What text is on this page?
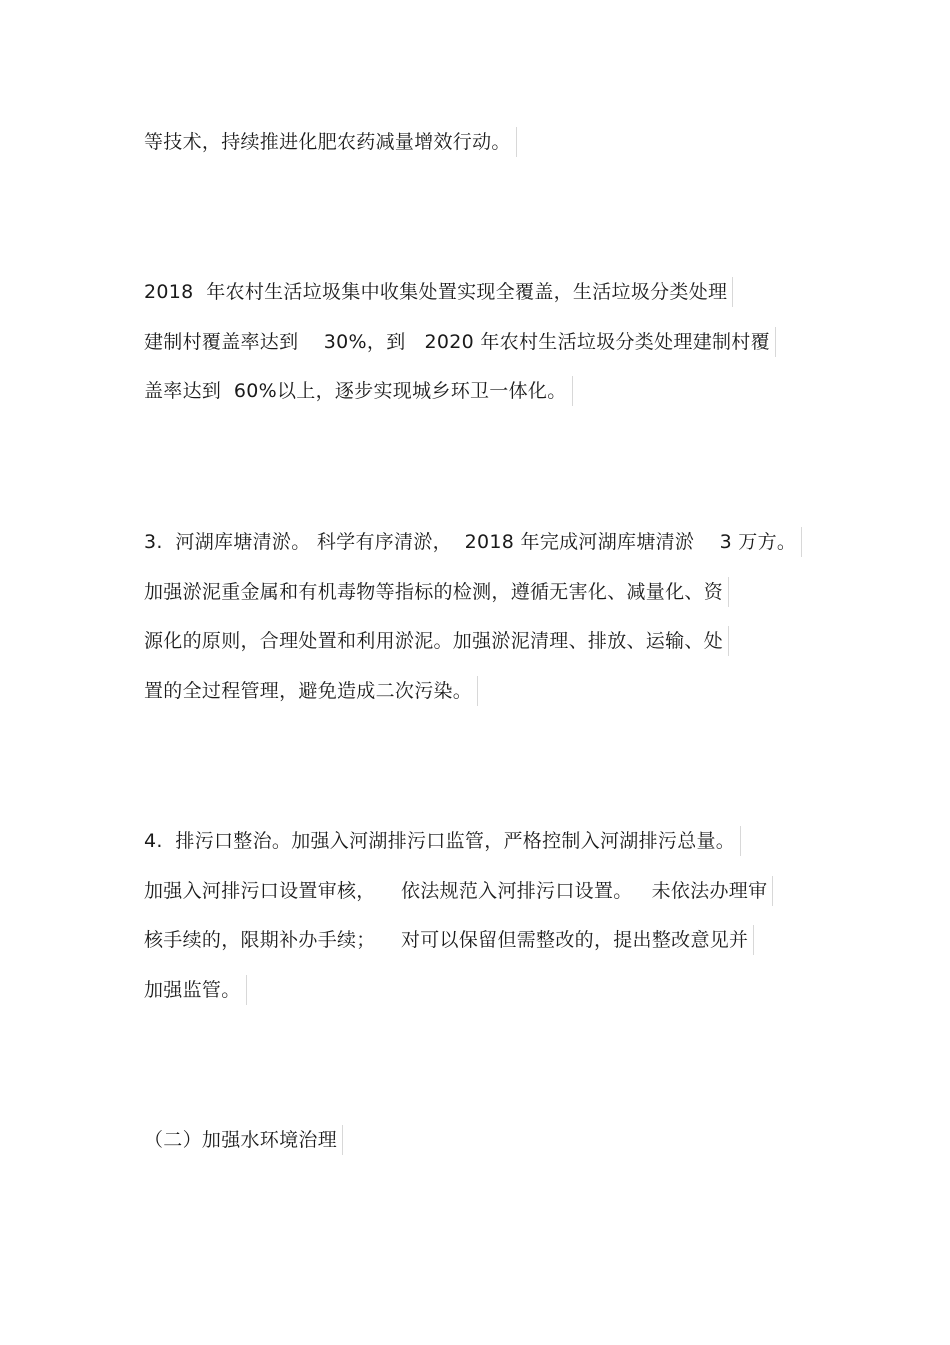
等技术，持续推进化肥农药减量增效行动。
2018  年农村生活垃圾集中收集处置实现全覆盖，生活垃圾分类处理
建制村覆盖率达到    30%，到   2020 年农村生活垃圾分类处理建制村覆
盖率达到  60%以上，逐步实现城乡环卫一体化。
3.  河湖库塘清淤。 科学有序清淤，  2018 年完成河湖库塘清淤    3 万方。
加强淤泥重金属和有机毒物等指标的检测，遵循无害化、减量化、资
源化的原则，合理处置和利用淤泥。加强淤泥清理、排放、运输、处
置的全过程管理，避免造成二次污染。
4.  排污口整治。加强入河湖排污口监管，严格控制入河湖排污总量。
加强入河排污口设置审核，    依法规范入河排污口设置。   未依法办理审
核手续的，限期补办手续；    对可以保留但需整改的，提出整改意见并
加强监管。
（二）加强水环境治理
